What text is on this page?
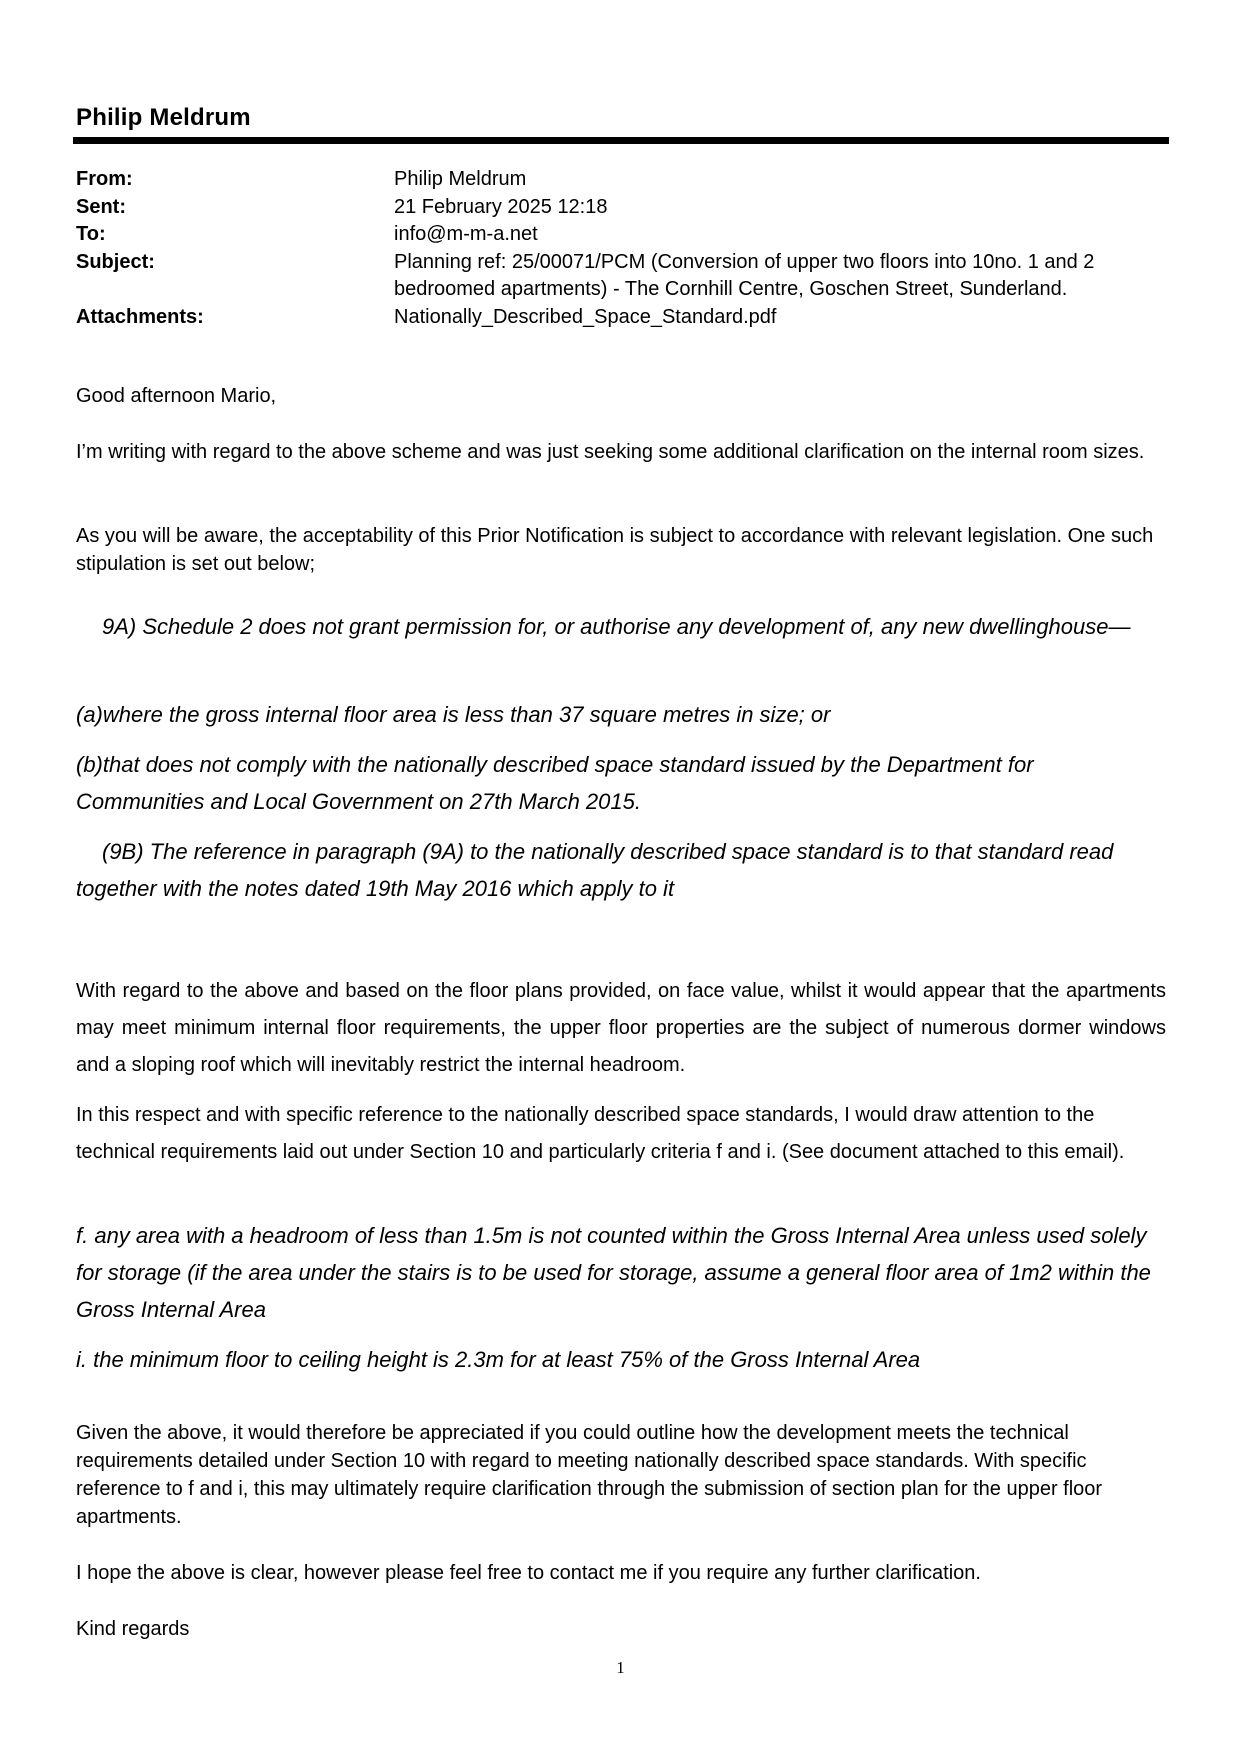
Philip Meldrum
From:	Philip Meldrum
Sent:	21 February 2025 12:18
To:	info@m-m-a.net
Subject:	Planning ref: 25/00071/PCM (Conversion of upper two floors into 10no. 1 and 2 bedroomed apartments) - The Cornhill Centre, Goschen Street, Sunderland.
Attachments:	Nationally_Described_Space_Standard.pdf
Good afternoon Mario,
I’m writing with regard to the above scheme and was just seeking some additional clarification on the internal room sizes.
As you will be aware, the acceptability of this Prior Notification is subject to accordance with relevant legislation. One such stipulation is set out below;
9A) Schedule 2 does not grant permission for, or authorise any development of, any new dwellinghouse—
(a)where the gross internal floor area is less than 37 square metres in size; or
(b)that does not comply with the nationally described space standard issued by the Department for Communities and Local Government on 27th March 2015.
(9B) The reference in paragraph (9A) to the nationally described space standard is to that standard read together with the notes dated 19th May 2016 which apply to it
With regard to the above and based on the floor plans provided, on face value, whilst it would appear that the apartments may meet minimum internal floor requirements, the upper floor properties are the subject of numerous dormer windows and a sloping roof which will inevitably restrict the internal headroom.
In this respect and with specific reference to the nationally described space standards, I would draw attention to the technical requirements laid out under Section 10 and particularly criteria f and i. (See document attached to this email).
f. any area with a headroom of less than 1.5m is not counted within the Gross Internal Area unless used solely for storage (if the area under the stairs is to be used for storage, assume a general floor area of 1m2 within the Gross Internal Area
i. the minimum floor to ceiling height is 2.3m for at least 75% of the Gross Internal Area
Given the above, it would therefore be appreciated if you could outline how the development meets the technical requirements detailed under Section 10 with regard to meeting nationally described space standards. With specific reference to f and i, this may ultimately require clarification through the submission of section plan for the upper floor apartments.
I hope the above is clear, however please feel free to contact me if you require any further clarification.
Kind regards
1
